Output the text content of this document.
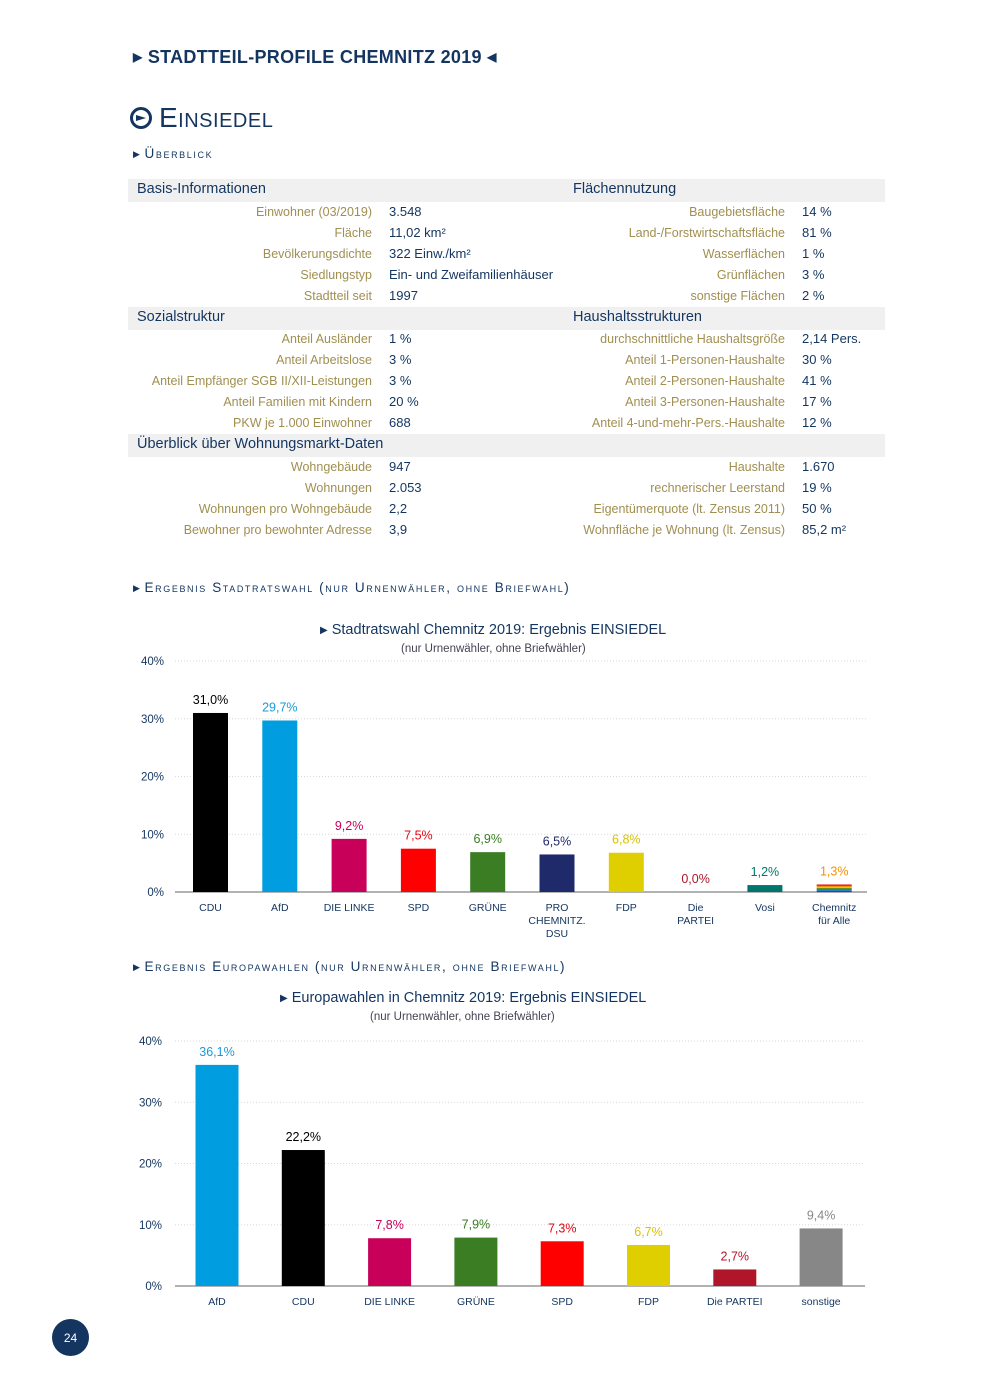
▶ STADTTEIL-PROFILE CHEMNITZ 2019 ◀
Einsiedel
▶ Überblick
Basis-Informationen	Flächennutzung
Einwohner (03/2019) 3.548
Fläche 11,02 km²
Bevölkerungsdichte 322 Einw./km²
Siedlungstyp Ein- und Zweifamilienhäuser
Stadtteil seit 1997
Baugebietsfläche 14 %
Land-/Forstwirtschaftsfläche 81 %
Wasserflächen 1 %
Grünflächen 3 %
sonstige Flächen 2 %
Sozialstruktur	Haushaltsstrukturen
Anteil Ausländer 1 %
Anteil Arbeitslose 3 %
Anteil Empfänger SGB II/XII-Leistungen 3 %
Anteil Familien mit Kindern 20 %
PKW je 1.000 Einwohner 688
durchschnittliche Haushaltsgröße 2,14 Pers.
Anteil 1-Personen-Haushalte 30 %
Anteil 2-Personen-Haushalte 41 %
Anteil 3-Personen-Haushalte 17 %
Anteil 4-und-mehr-Pers.-Haushalte 12 %
Überblick über Wohnungsmarkt-Daten
Wohngebäude 947
Wohnungen 2.053
Wohnungen pro Wohngebäude 2,2
Bewohner pro bewohnter Adresse 3,9
Haushalte 1.670
rechnerischer Leerstand 19 %
Eigentümerquote (lt. Zensus 2011) 50 %
Wohnfläche je Wohnung (lt. Zensus) 85,2 m²
▶ Ergebnis Stadtratswahl (nur Urnenwähler, ohne Briefwahl)
▶ Ergebnis Europawahlen (nur Urnenwähler, ohne Briefwahl)
▶ Stadtratswahl Chemnitz 2019: Ergebnis EINSIEDEL
(nur Urnenwähler, ohne Briefwähler)
▶ Europawahlen in Chemnitz 2019: Ergebnis EINSIEDEL
(nur Urnenwähler, ohne Briefwähler)
0%
10%
20%
30%
40%
31,0%
CDU
29,7%
AfD
9,2%
DIE LINKE
7,5%
SPD
6,9%
GRÜNE
6,5%
PRO
CHEMNITZ.
DSU
6,8%
FDP
0,0%
Die
PARTEI
1,2%
Vosi
1,3%
Chemnitz
für Alle
0%
10%
20%
30%
40%
36,1%
AfD
22,2%
CDU
7,8%
DIE LINKE
7,9%
GRÜNE
7,3%
SPD
6,7%
FDP
2,7%
Die PARTEI
9,4%
sonstige
24
